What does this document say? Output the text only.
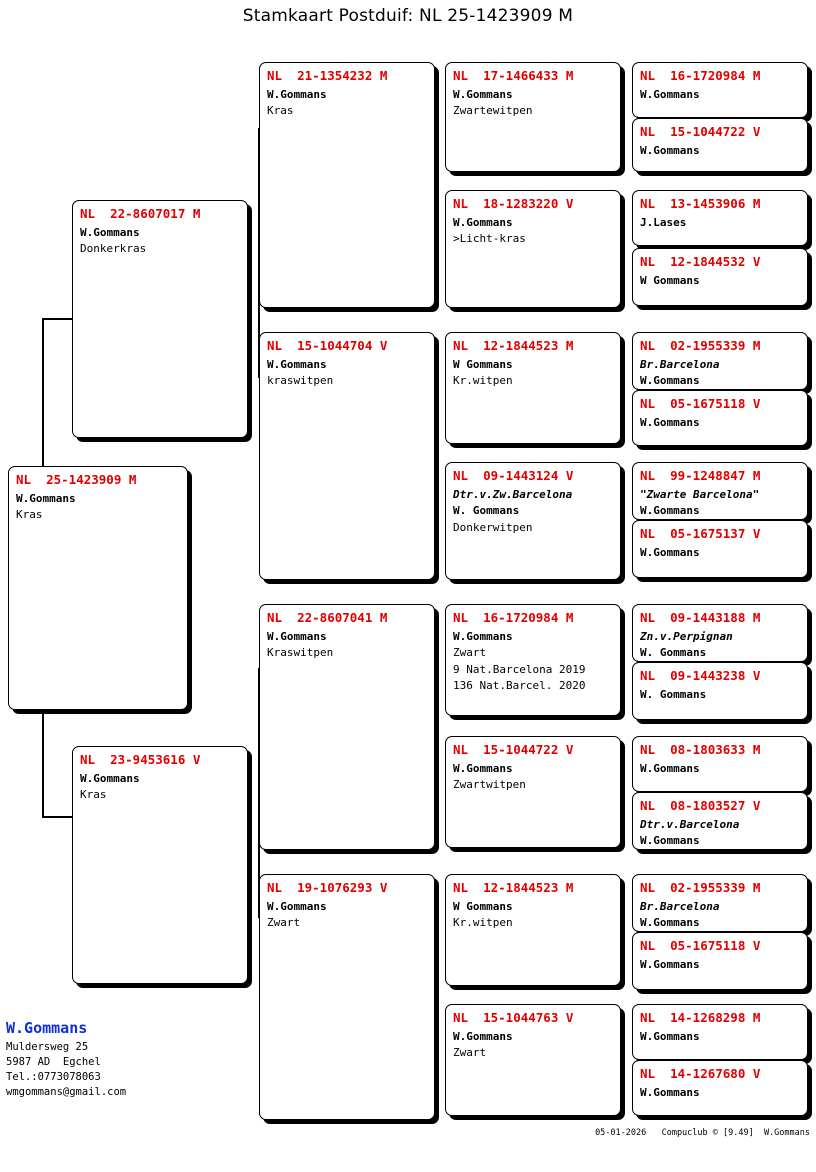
Stamkaart Postduif: NL 25-1423909 M
NL  25-1423909 M
W.Gommans
Kras
NL  22-8607017 M
W.Gommans
Donkerkras
NL  23-9453616 V
W.Gommans
Kras
NL  21-1354232 M
W.Gommans
Kras
NL  15-1044704 V
W.Gommans
kraswitpen
NL  22-8607041 M
W.Gommans
Kraswitpen
NL  19-1076293 V
W.Gommans
Zwart
NL  17-1466433 M
W.Gommans
Zwartewitpen
NL  18-1283220 V
W.Gommans
>Licht-kras
NL  12-1844523 M
W Gommans
Kr.witpen
NL  09-1443124 V
Dtr.v.Zw.Barcelona
W. Gommans
Donkerwitpen
NL  16-1720984 M
W.Gommans
Zwart
9 Nat.Barcelona 2019
136 Nat.Barcel. 2020
NL  15-1044722 V
W.Gommans
Zwartwitpen
NL  12-1844523 M
W Gommans
Kr.witpen
NL  15-1044763 V
W.Gommans
Zwart
NL  16-1720984 M
W.Gommans
NL  15-1044722 V
W.Gommans
NL  13-1453906 M
J.Lases
NL  12-1844532 V
W Gommans
NL  02-1955339 M
Br.Barcelona
W.Gommans
NL  05-1675118 V
W.Gommans
NL  99-1248847 M
"Zwarte Barcelona"
W.Gommans
NL  05-1675137 V
W.Gommans
NL  09-1443188 M
Zn.v.Perpignan
W. Gommans
NL  09-1443238 V
W. Gommans
NL  08-1803633 M
W.Gommans
NL  08-1803527 V
Dtr.v.Barcelona
W.Gommans
NL  02-1955339 M
Br.Barcelona
W.Gommans
NL  05-1675118 V
W.Gommans
NL  14-1268298 M
W.Gommans
NL  14-1267680 V
W.Gommans
W.Gommans
Muldersweg 25
5987 AD  Egchel
Tel.:0773078063
wmgommans@gmail.com
05-01-2026   Compuclub © [9.49]  W.Gommans
